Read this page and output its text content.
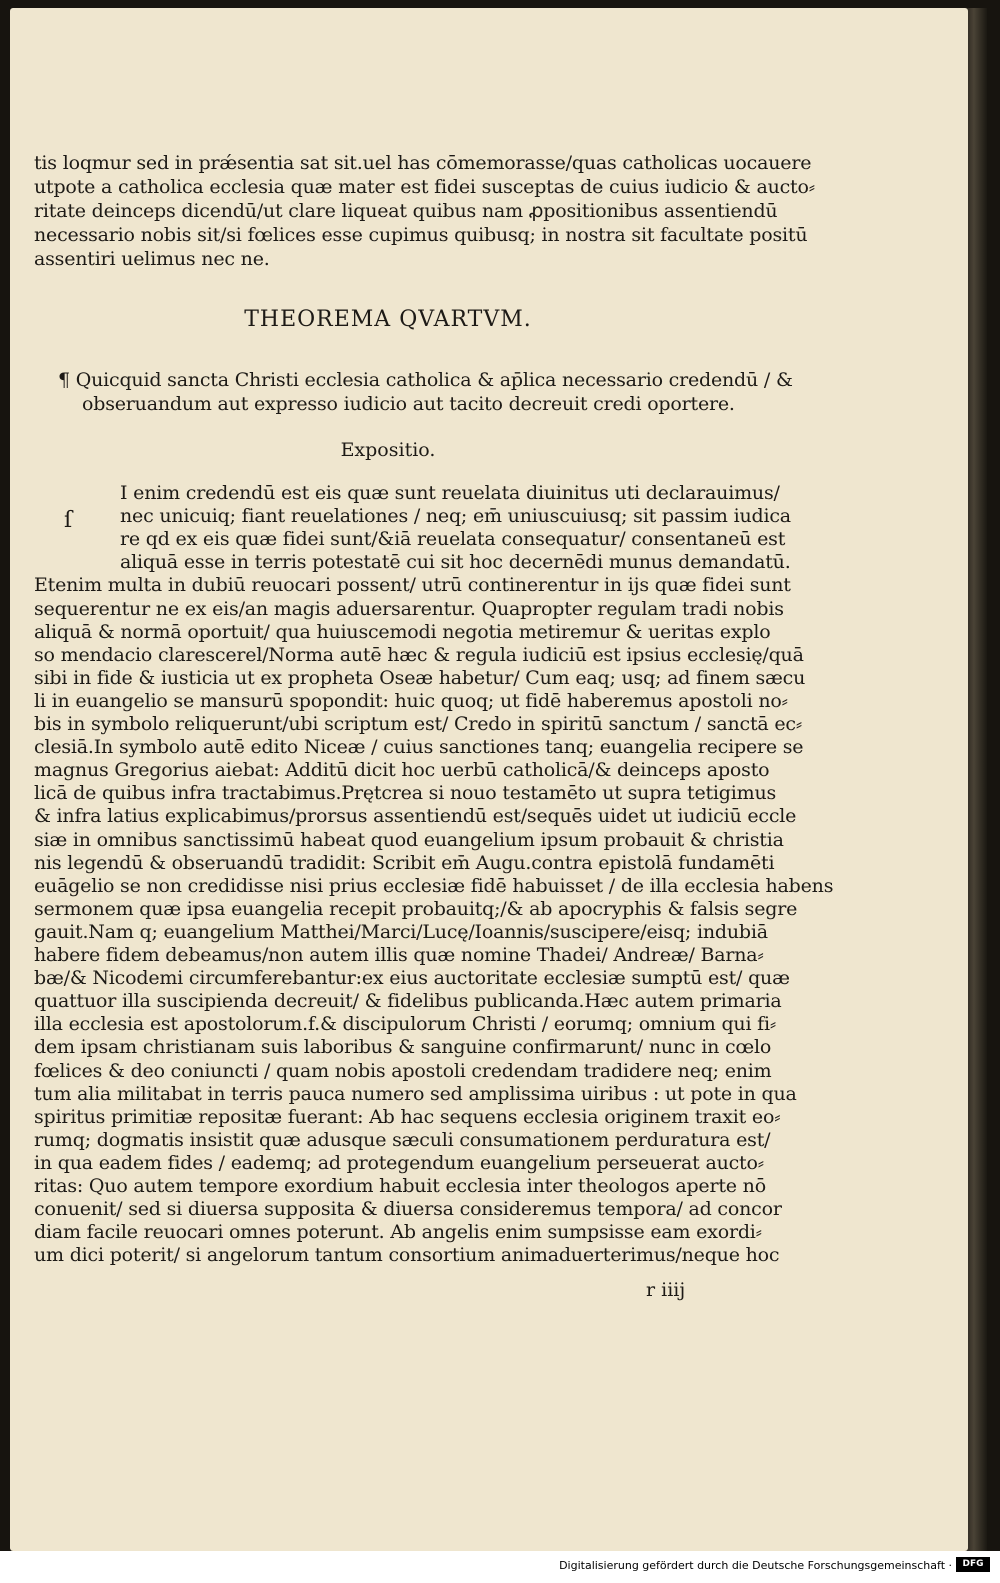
tis loqmur sed in prǽsentia sat sit.uel has cōmemorasse/quas catholicas uocauere
utpote a catholica ecclesia quæ mater est fidei susceptas de cuius iudicio & aucto⸗
ritate deinceps dicendū/ut clare liqueat quibus nam ꝓpositionibus assentiendū
necessario nobis sit/si fœlices esse cupimus quibusq; in nostra sit facultate positū
assentiri uelimus nec ne.
THEOREMA QVARTVM.
¶ Quicquid sancta Christi ecclesia catholica & ap̄lica necessario credendū / &
obseruandum aut expresso iudicio aut tacito decreuit credi oportere.
Expositio.
ſ
I enim credendū est eis quæ sunt reuelata diuinitus uti declarauimus/
nec unicuiq; fiant reuelationes / neq; em̄ uniuscuiusq; sit passim iudica
re qd ex eis quæ fidei sunt/&iā reuelata consequatur/ consentaneū est
aliquā esse in terris potestatē cui sit hoc decernēdi munus demandatū.
Etenim multa in dubiū reuocari possent/ utrū continerentur in ijs quæ fidei sunt
sequerentur ne ex eis/an magis aduersarentur. Quapropter regulam tradi nobis
aliquā & normā oportuit/ qua huiuscemodi negotia metiremur & ueritas explo
so mendacio clarescerel/Norma autē hæc & regula iudiciū est ipsius ecclesię/quā
sibi in fide & iusticia ut ex propheta Oseæ habetur/ Cum eaq; usq; ad finem sæcu
li in euangelio se mansurū spopondit: huic quoq; ut fidē haberemus apostoli no⸗
bis in symbolo reliquerunt/ubi scriptum est/ Credo in spiritū sanctum / sanctā ec⸗
clesiā.In symbolo autē edito Niceæ / cuius sanctiones tanq; euangelia recipere se
magnus Gregorius aiebat: Additū dicit hoc uerbū catholicā/& deinceps aposto
licā de quibus infra tractabimus.Prętcrea si nouo testamēto ut supra tetigimus
& infra latius explicabimus/prorsus assentiendū est/sequēs uidet ut iudiciū eccle
siæ in omnibus sanctissimū habeat quod euangelium ipsum probauit & christia
nis legendū & obseruandū tradidit: Scribit em̄ Augu.contra epistolā fundamēti
euāgelio se non credidisse nisi prius ecclesiæ fidē habuisset / de illa ecclesia habens
sermonem quæ ipsa euangelia recepit probauitq;/& ab apocryphis & falsis segre
gauit.Nam q; euangelium Matthei/Marci/Lucę/Ioannis/suscipere/eisq; indubiā
habere fidem debeamus/non autem illis quæ nomine Thadei/ Andreæ/ Barna⸗
bæ/& Nicodemi circumferebantur:ex eius auctoritate ecclesiæ sumptū est/ quæ
quattuor illa suscipienda decreuit/ & fidelibus publicanda.Hæc autem primaria
illa ecclesia est apostolorum.f.& discipulorum Christi / eorumq; omnium qui fi⸗
dem ipsam christianam suis laboribus & sanguine confirmarunt/ nunc in cœlo
fœlices & deo coniuncti / quam nobis apostoli credendam tradidere neq; enim
tum alia militabat in terris pauca numero sed amplissima uiribus : ut pote in qua
spiritus primitiæ repositæ fuerant: Ab hac sequens ecclesia originem traxit eo⸗
rumq; dogmatis insistit quæ adusque sæculi consumationem perduratura est/
in qua eadem fides / eademq; ad protegendum euangelium perseuerat aucto⸗
ritas: Quo autem tempore exordium habuit ecclesia inter theologos aperte nō
conuenit/ sed si diuersa supposita & diuersa consideremus tempora/ ad concor
diam facile reuocari omnes poterunt. Ab angelis enim sumpsisse eam exordi⸗
um dici poterit/ si angelorum tantum consortium animaduerterimus/neque hoc
r iiij
Digitalisierung gefördert durch die Deutsche Forschungsgemeinschaft ·	DFG
